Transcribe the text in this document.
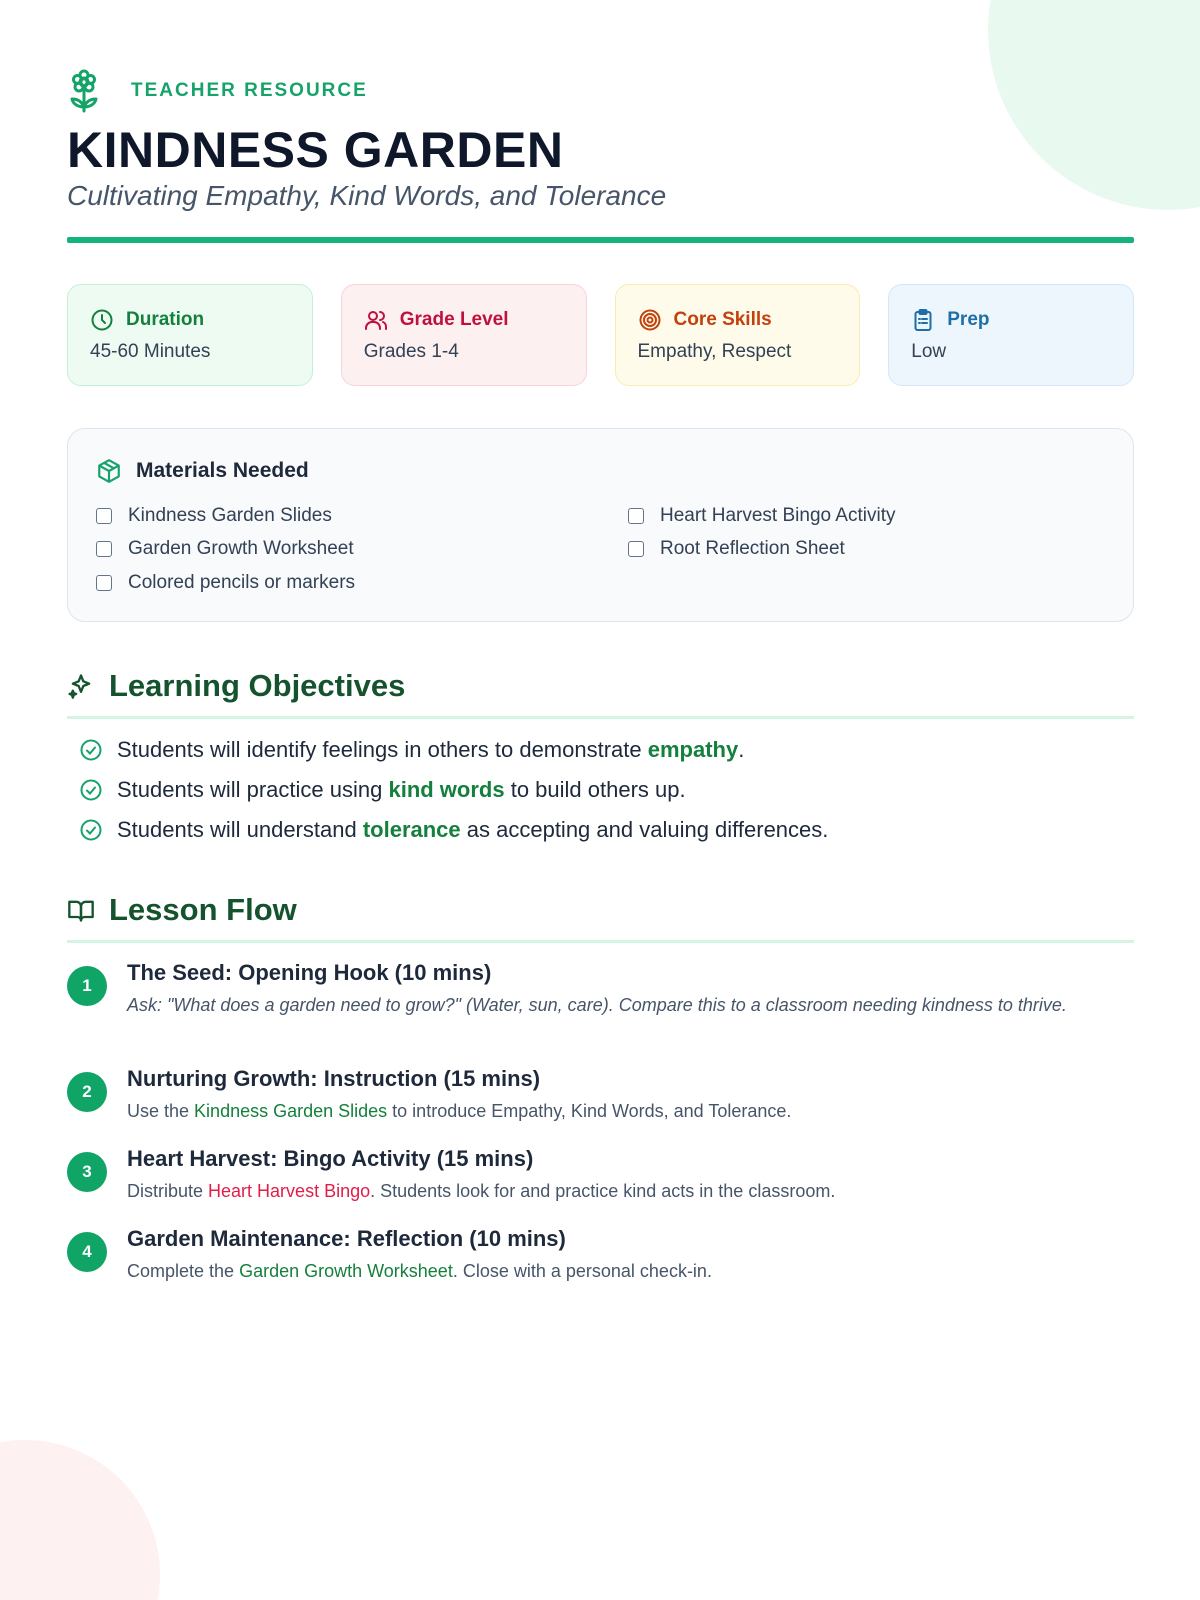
TEACHER RESOURCE
KINDNESS GARDEN
Cultivating Empathy, Kind Words, and Tolerance
Duration
45-60 Minutes
Grade Level
Grades 1-4
Core Skills
Empathy, Respect
Prep
Low
Materials Needed
Kindness Garden Slides
Garden Growth Worksheet
Colored pencils or markers
Heart Harvest Bingo Activity
Root Reflection Sheet
Learning Objectives
Students will identify feelings in others to demonstrate empathy.
Students will practice using kind words to build others up.
Students will understand tolerance as accepting and valuing differences.
Lesson Flow
1
The Seed: Opening Hook (10 mins)
Ask: "What does a garden need to grow?" (Water, sun, care). Compare this to a classroom needing kindness to thrive.
2
Nurturing Growth: Instruction (15 mins)
Use the Kindness Garden Slides to introduce Empathy, Kind Words, and Tolerance.
3
Heart Harvest: Bingo Activity (15 mins)
Distribute Heart Harvest Bingo. Students look for and practice kind acts in the classroom.
4
Garden Maintenance: Reflection (10 mins)
Complete the Garden Growth Worksheet. Close with a personal check-in.
